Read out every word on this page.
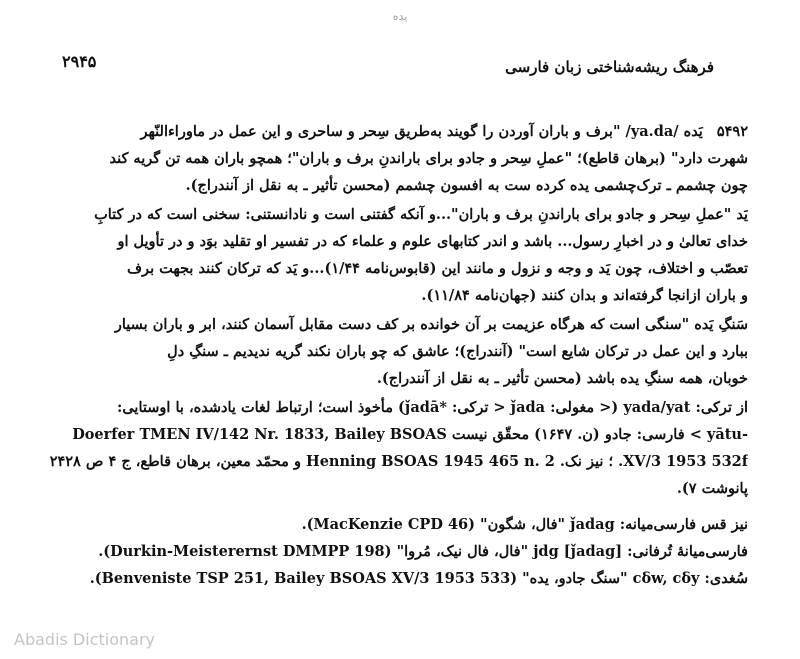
یده
۲۹۴۵	فرهنگ ریشه‌شناختی زبان فارسی
۵۴۹۲یَده /ya.da/ "برف و باران آوردن را گویند به‌طریق سِحر و ساحری و این عمل در ماوراءالنّهر
شهرت دارد" (برهان قاطع)؛ "عملِ سِحر و جادو برای باراندنِ برف و باران"؛ همچو باران همه تن گریه کند
چون چشمم ـ ترک‌چشمی یده کرده ست به افسون چشمم (محسن تأثیر ـ به نقل از آنندراج).
یَد "عملِ سِحر و جادو برای باراندنِ برف و باران"...و آنکه گفتنی است و نادانستنی: سخنی است که در کتابِ
خدای تعالیٰ و در اخبارِ رسول... باشد و اندر کتابهای علوم و علماء که در تفسیر او تقلید بوَد و در تأویل او
تعصّب و اختلاف، چون یَد و وجه و نزول و مانند این (قابوس‌نامه ۱/۴۴)...و یَد که ترکان کنند بجهت برف
و باران ازانجا گرفته‌اند و بدان کنند (جهان‌نامه ۱۱/۸۴).
سَنگِ یَده "سنگی است که هرگاه عزیمت بر آن خوانده بر کف دست مقابل آسمان کنند، ابر و باران بسیار
ببارد و این عمل در ترکان شایع است" (آنندراج)؛ عاشق که چو باران نکند گریه ندیدیم ـ سنگِ دلِ
خوبان، همه سنگِ یده باشد (محسن تأثیر ـ به نقل از آنندراج).
از ترکی: yada/yat (< مغولی: ǰada < ترکی: *ǰadā) مأخوذ است؛ ارتباط لغات یادشده، با اوستایی:
-yātu > فارسی: جادو (ن. ۱۶۴۷) محقّق نیست Doerfer TMEN IV/142 Nr. 1833, Bailey BSOAS
XV/3 1953 532f. ؛ نیز نک. Henning BSOAS 1945 465 n. 2 و محمّد معین، برهان قاطع، ج ۴ ص ۲۴۲۸
پانوشت ۷).
نیز قس فارسی‌میانه: ǰadag "فال، شگون" (MacKenzie CPD 46).
فارسی‌میانهٔ تُرفانی: [ǰadag] jdg "فال، فال نیک، مُروا" (Durkin-Meisterernst DMMPP 198).
سُغدی: cδw, cδy "سنگ جادو، یده" (Benveniste TSP 251, Bailey BSOAS XV/3 1953 533).
Abadis Dictionary
